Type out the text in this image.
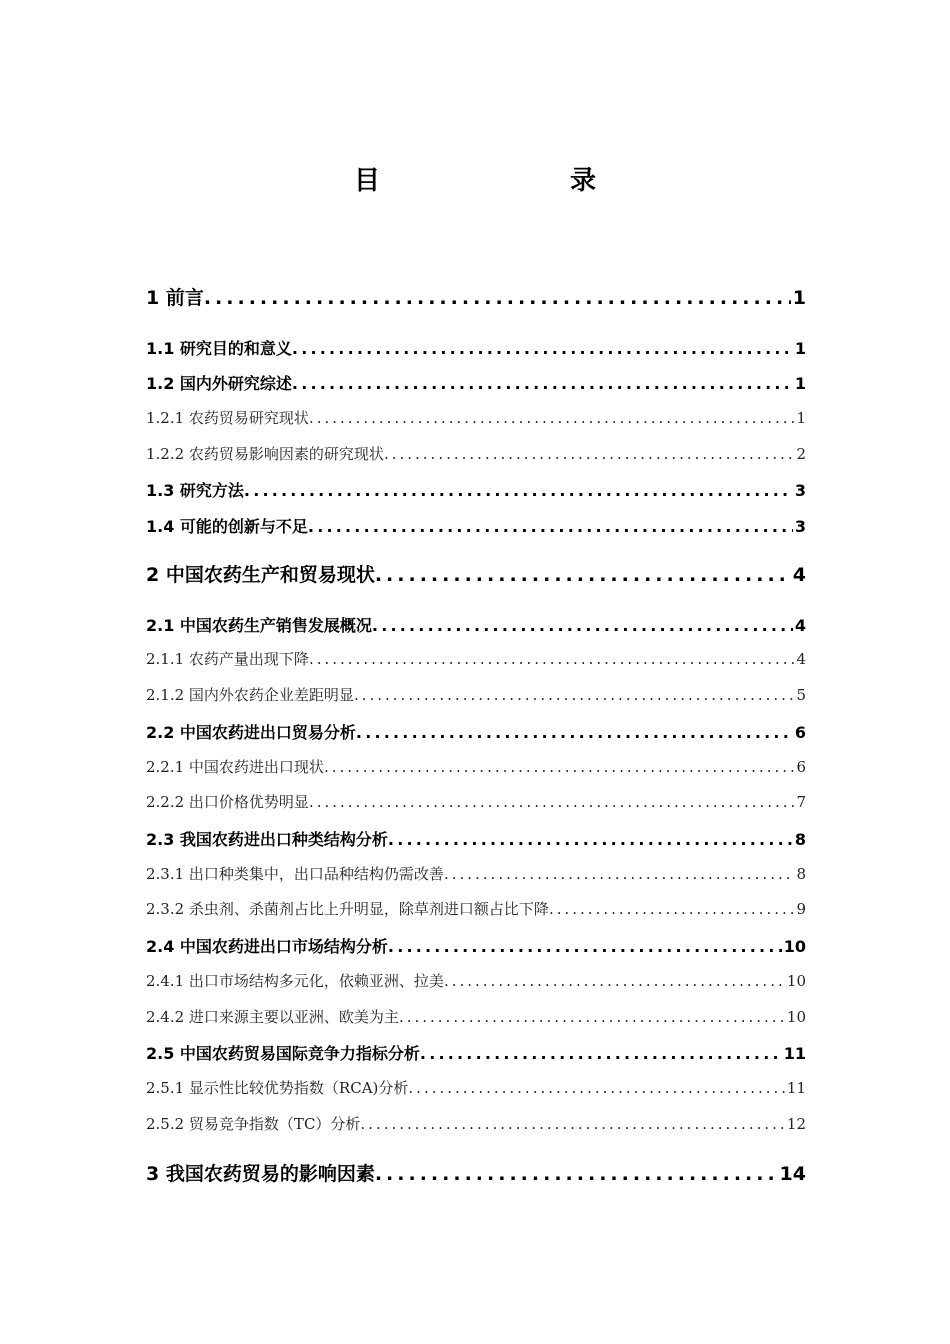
目　　录
1 前言 .....	1
1.1 研究目的和意义 .....	1
1.2 国内外研究综述 .....	1
1.2.1 农药贸易研究现状 .....	1
1.2.2 农药贸易影响因素的研究现状 .....	2
1.3 研究方法 .....	3
1.4 可能的创新与不足 .....	3
2 中国农药生产和贸易现状 .....	4
2.1 中国农药生产销售发展概况 .....	4
2.1.1 农药产量出现下降 .....	4
2.1.2 国内外农药企业差距明显 .....	5
2.2 中国农药进出口贸易分析 .....	6
2.2.1 中国农药进出口现状 .....	6
2.2.2 出口价格优势明显 .....	7
2.3 我国农药进出口种类结构分析 .....	8
2.3.1 出口种类集中，出口品种结构仍需改善 .....	8
2.3.2 杀虫剂、杀菌剂占比上升明显，除草剂进口额占比下降 .....	9
2.4 中国农药进出口市场结构分析 .....	10
2.4.1 出口市场结构多元化，依赖亚洲、拉美 .....	10
2.4.2 进口来源主要以亚洲、欧美为主 .....	10
2.5 中国农药贸易国际竞争力指标分析 .....	11
2.5.1 显示性比较优势指数（RCA)分析 .....	11
2.5.2 贸易竞争指数（TC）分析 .....	12
3 我国农药贸易的影响因素 .....	14
